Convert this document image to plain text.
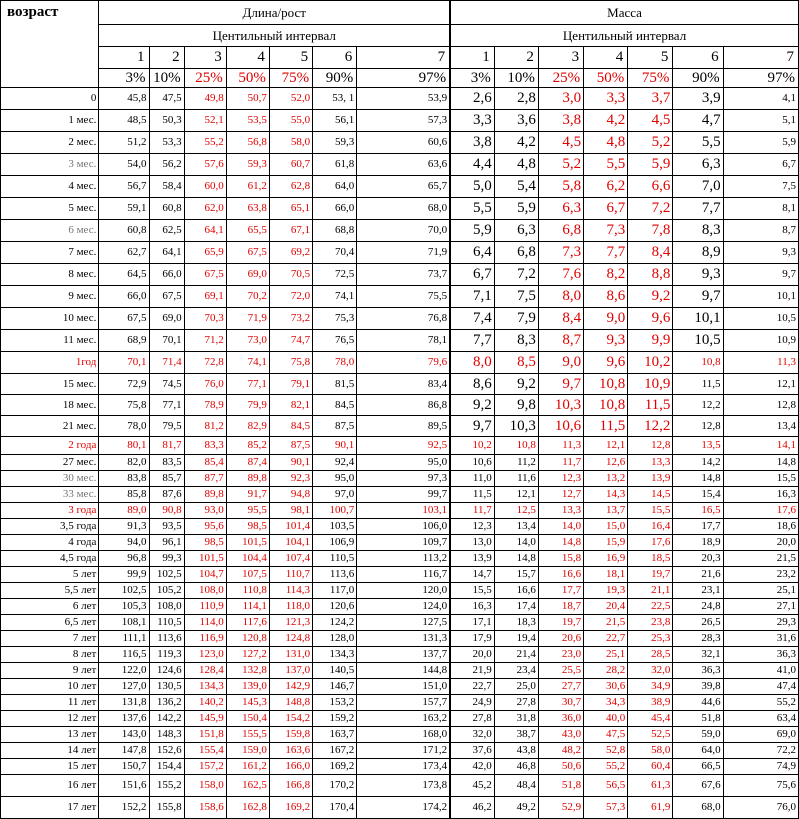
возраст	Длина/рост							Масса						
	Центильный интервал							Центильный интервал						
	1	2	3	4	5	6	7	1	2	3	4	5	6	7
	3%	10%	25%	50%	75%	90%	97%	3%	10%	25%	50%	75%	90%	97%
0	45,8	47,5	49,8	50,7	52,0	53, 1	53,9	2,6	2,8	3,0	3,3	3,7	3,9	4,1
1 мес.	48,5	50,3	52,1	53,5	55,0	56,1	57,3	3,3	3,6	3,8	4,2	4,5	4,7	5,1
2 мес.	51,2	53,3	55,2	56,8	58,0	59,3	60,6	3,8	4,2	4,5	4,8	5,2	5,5	5,9
3 мес.	54,0	56,2	57,6	59,3	60,7	61,8	63,6	4,4	4,8	5,2	5,5	5,9	6,3	6,7
4 мес.	56,7	58,4	60,0	61,2	62,8	64,0	65,7	5,0	5,4	5,8	6,2	6,6	7,0	7,5
5 мес.	59,1	60,8	62,0	63,8	65,1	66,0	68,0	5,5	5,9	6,3	6,7	7,2	7,7	8,1
6 мес.	60,8	62,5	64,1	65,5	67,1	68,8	70,0	5,9	6,3	6,8	7,3	7,8	8,3	8,7
7 мес.	62,7	64,1	65,9	67,5	69,2	70,4	71,9	6,4	6,8	7,3	7,7	8,4	8,9	9,3
8 мес.	64,5	66,0	67,5	69,0	70,5	72,5	73,7	6,7	7,2	7,6	8,2	8,8	9,3	9,7
9 мес.	66,0	67,5	69,1	70,2	72,0	74,1	75,5	7,1	7,5	8,0	8,6	9,2	9,7	10,1
10 мес.	67,5	69,0	70,3	71,9	73,2	75,3	76,8	7,4	7,9	8,4	9,0	9,6	10,1	10,5
11 мес.	68,9	70,1	71,2	73,0	74,7	76,5	78,1	7,7	8,3	8,7	9,3	9,9	10,5	10,9
1год	70,1	71,4	72,8	74,1	75,8	78,0	79,6	8,0	8,5	9,0	9,6	10,2	10,8	11,3
15 мес.	72,9	74,5	76,0	77,1	79,1	81,5	83,4	8,6	9,2	9,7	10,8	10,9	11,5	12,1
18 мес.	75,8	77,1	78,9	79,9	82,1	84,5	86,8	9,2	9,8	10,3	10,8	11,5	12,2	12,8
21 мес.	78,0	79,5	81,2	82,9	84,5	87,5	89,5	9,7	10,3	10,6	11,5	12,2	12,8	13,4
2 года	80,1	81,7	83,3	85,2	87,5	90,1	92,5	10,2	10,8	11,3	12,1	12,8	13,5	14,1
27 мес.	82,0	83,5	85,4	87,4	90,1	92,4	95,0	10,6	11,2	11,7	12,6	13,3	14,2	14,8
30 мес.	83,8	85,7	87,7	89,8	92,3	95,0	97,3	11,0	11,6	12,3	13,2	13,9	14,8	15,5
33 мес.	85,8	87,6	89,8	91,7	94,8	97,0	99,7	11,5	12,1	12,7	14,3	14,5	15,4	16,3
3 года	89,0	90,8	93,0	95,5	98,1	100,7	103,1	11,7	12,5	13,3	13,7	15,5	16,5	17,6
3,5 года	91,3	93,5	95,6	98,5	101,4	103,5	106,0	12,3	13,4	14,0	15,0	16,4	17,7	18,6
4 года	94,0	96,1	98,5	101,5	104,1	106,9	109,7	13,0	14,0	14,8	15,9	17,6	18,9	20,0
4,5 года	96,8	99,3	101,5	104,4	107,4	110,5	113,2	13,9	14,8	15,8	16,9	18,5	20,3	21,5
5 лет	99,9	102,5	104,7	107,5	110,7	113,6	116,7	14,7	15,7	16,6	18,1	19,7	21,6	23,2
5,5 лет	102,5	105,2	108,0	110,8	114,3	117,0	120,0	15,5	16,6	17,7	19,3	21,1	23,1	25,1
6 лет	105,3	108,0	110,9	114,1	118,0	120,6	124,0	16,3	17,4	18,7	20,4	22,5	24,8	27,1
6,5 лет	108,1	110,5	114,0	117,6	121,3	124,2	127,5	17,1	18,3	19,7	21,5	23,8	26,5	29,3
7 лет	111,1	113,6	116,9	120,8	124,8	128,0	131,3	17,9	19,4	20,6	22,7	25,3	28,3	31,6
8 лет	116,5	119,3	123,0	127,2	131,0	134,3	137,7	20,0	21,4	23,0	25,1	28,5	32,1	36,3
9 лет	122,0	124,6	128,4	132,8	137,0	140,5	144,8	21,9	23,4	25,5	28,2	32,0	36,3	41,0
10 лет	127,0	130,5	134,3	139,0	142,9	146,7	151,0	22,7	25,0	27,7	30,6	34,9	39,8	47,4
11 лет	131,8	136,2	140,2	145,3	148,8	153,2	157,7	24,9	27,8	30,7	34,3	38,9	44,6	55,2
12 лет	137,6	142,2	145,9	150,4	154,2	159,2	163,2	27,8	31,8	36,0	40,0	45,4	51,8	63,4
13 лет	143,0	148,3	151,8	155,5	159,8	163,7	168,0	32,0	38,7	43,0	47,5	52,5	59,0	69,0
14 лет	147,8	152,6	155,4	159,0	163,6	167,2	171,2	37,6	43,8	48,2	52,8	58,0	64,0	72,2
15 лет	150,7	154,4	157,2	161,2	166,0	169,2	173,4	42,0	46,8	50,6	55,2	60,4	66,5	74,9
16 лет	151,6	155,2	158,0	162,5	166,8	170,2	173,8	45,2	48,4	51,8	56,5	61,3	67,6	75,6
17 лет	152,2	155,8	158,6	162,8	169,2	170,4	174,2	46,2	49,2	52,9	57,3	61,9	68,0	76,0
